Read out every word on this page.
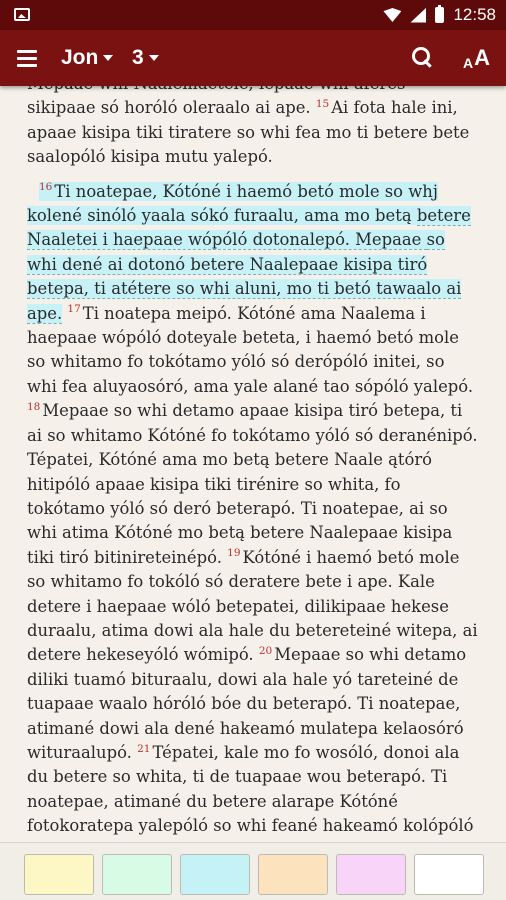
12:58
Jon 3	A A

sikipaae só horóló oleraalo ai ape. $^{15}$ Ai fota hale ini, apaae kisipa tiki tiratere so whi fea mo ti betere bete saalopóló kisipa mutu yalepó.

$^{16}$ Ti noatepae, Kótóné i haemó betó mole so whj kolené sinóló yaala sókó furaalu, ama mo betą betere Naaletei i haepaae wópóló dotonalepó. Mepaae so whi dené ai dotonó betere Naalepaae kisipa tiró betepa, ti atétere so whi aluni, mo ti betó tawaalo ai ape. $^{17}$ Ti noatepa meipó. Kótóné ama Naalema i haepaae wópóló doteyale beteta, i haemó betó mole so whitamo fo tokótamo yóló só derópóló initei, so whi fea aluyaosóró, ama yale alané tao sópóló yalepó. $^{18}$ Mepaae so whi detamo apaae kisipa tiró betepa, ti ai so whitamo Kótóné fo tokótamo yóló só deranénipó. Tépatei, Kótóné ama mo betą betere Naale ątóró hitipóló apaae kisipa tiki tirénire so whita, fo tokótamo yóló só deró beterapó. Ti noatepae, ai so whi atima Kótóné mo betą betere Naalepaae kisipa tiki tiró bitinireteinépó. $^{19}$ Kótóné i haemó betó mole so whitamo fo tokóló só deratere bete i ape. Kale detere i haepaae wóló betepatei, dilikipaae hekese duraalu, atima dowi ala hale du betereteiné witepa, ai detere hekeseyóló wómipó. $^{20}$ Mepaae so whi detamo diliki tuamó bituraalu, dowi ala hale yó tareteiné de tuapaae waalo hóróló bóe du beterapó. Ti noatepae, atimané dowi ala dené hakeamó mulatepa kelaosóró wituraalupó. $^{21}$ Tépatei, kale mo fo wosóló, donoi ala du betere so whita, ti de tuapaae wou beterapó. Ti noatepae, atimané du betere alarape Kótóné fotokoratepa yalepóló so whi feané hakeamó kolópóló
